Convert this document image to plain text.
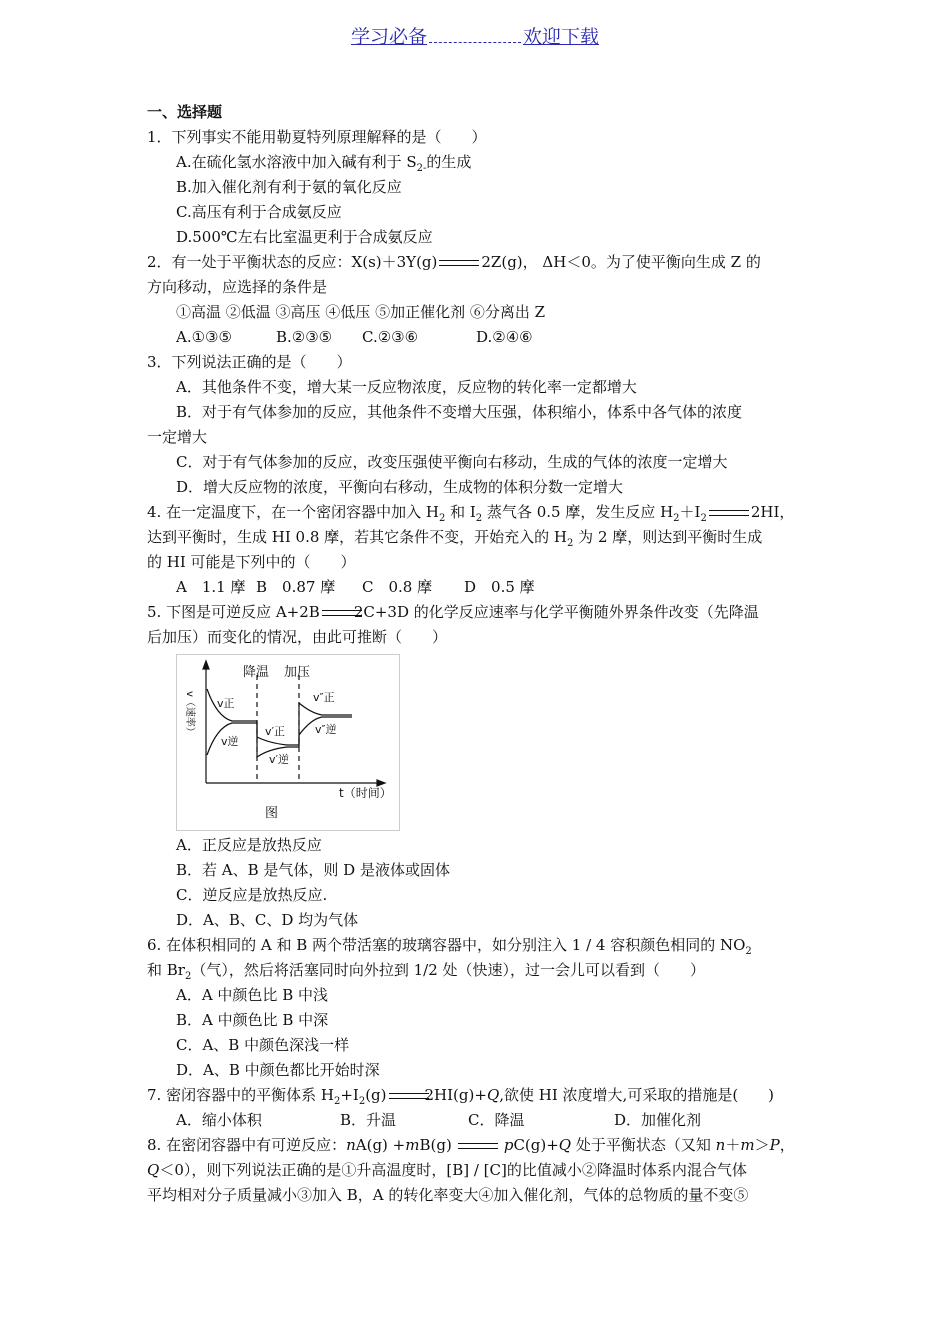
学习必备	欢迎下载
一、选择题
1．下列事实不能用勒夏特列原理解释的是（　　）
A.在硫化氢水溶液中加入碱有利于 $S_{2-}$的生成
B.加入催化剂有利于氨的氧化反应
C.高压有利于合成氨反应
D.500℃左右比室温更利于合成氨反应
2．有一处于平衡状态的反应：X(s)＋3Y(g)	2Z(g)， ΔH＜0。为了使平衡向生成 Z 的
方向移动，应选择的条件是
①高温 ②低温 ③高压 ④低压 ⑤加正催化剂 ⑥分离出 Z
A.①③⑤	B.②③⑤ C.②③⑥	D.②④⑥
3．下列说法正确的是（　　）
A．其他条件不变，增大某一反应物浓度，反应物的转化率一定都增大
B．对于有气体参加的反应，其他条件不变增大压强，体积缩小，体系中各气体的浓度
一定增大
C．对于有气体参加的反应，改变压强使平衡向右移动，生成的气体的浓度一定增大
D．增大反应物的浓度，平衡向右移动，生成物的体积分数一定增大
4. 在一定温度下，在一个密闭容器中加入 $H_2$ 和 $I_2$ 蒸气各 0.5 摩，发生反应 $H_2+I_2$	2HI，
达到平衡时，生成 HI 0.8 摩，若其它条件不变，开始充入的 $H_2$ 为 2 摩，则达到平衡时生成
的 HI 可能是下列中的（　　）
A　1.1 摩 B　0.87 摩 C　0.8 摩 D　0.5 摩
5. 下图是可逆反应 A+2B 2C+3D 的化学反应速率与化学平衡随外界条件改变（先降温
后加压）而变化的情况，由此可推断（　　）
v（速率）
降温 加压
v正
v逆
v′正
v′逆
v″正
v″逆
t（时间）
图
A．正反应是放热反应
B．若 A、B 是气体，则 D 是液体或固体
C．逆反应是放热反应.
D．A、B、C、D 均为气体
6. 在体积相同的 A 和 B 两个带活塞的玻璃容器中，如分别注入 1 / 4 容积颜色相同的 $NO_2$
和 $Br_2$（气），然后将活塞同时向外拉到 1/2 处（快速），过一会儿可以看到（　　）
A．A 中颜色比 B 中浅
B．A 中颜色比 B 中深
C．A、B 中颜色深浅一样
D．A、B 中颜色都比开始时深
7. 密闭容器中的平衡体系 $H_2+I_2(g)$	2HI(g)+Q,欲使 HI 浓度增大,可采取的措施是(　　)
A．缩小体积	B．升温	C．降温	D．加催化剂
8. 在密闭容器中有可逆反应：nA(g) +mB(g)	pC(g)+Q 处于平衡状态（又知 n＋m＞P，
Q＜0），则下列说法正确的是①升高温度时，[B] / [C]的比值减小②降温时体系内混合气体
平均相对分子质量减小③加入 B，A 的转化率变大④加入催化剂，气体的总物质的量不变⑤
